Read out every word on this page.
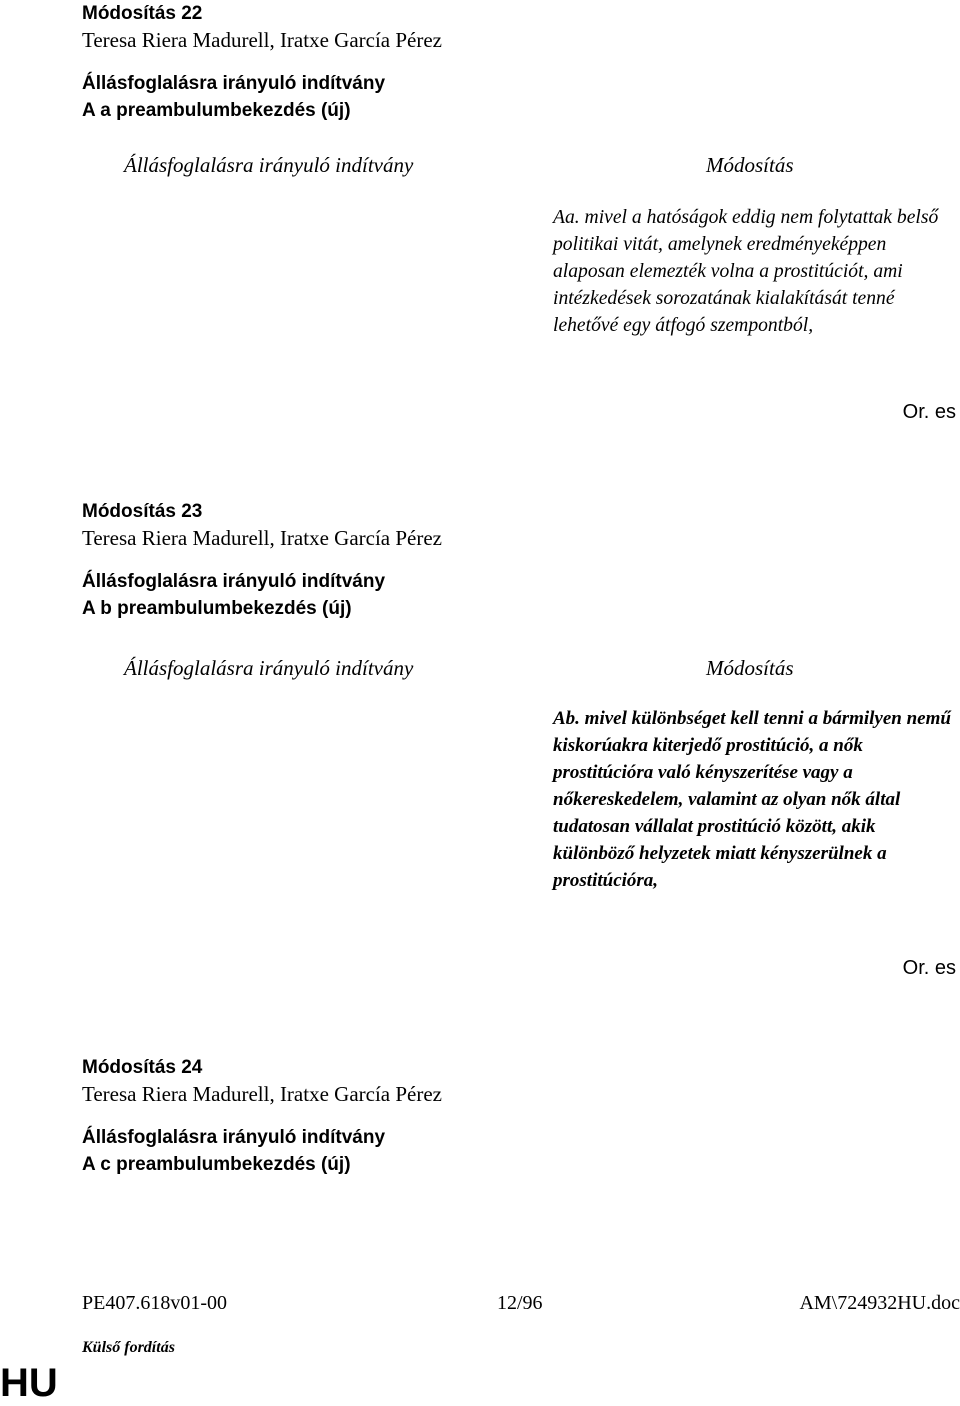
Módosítás 22
Teresa Riera Madurell, Iratxe García Pérez
Állásfoglalásra irányuló indítvány
A a preambulumbekezdés (új)
Állásfoglalásra irányuló indítvány	Módosítás
Aa. mivel a hatóságok eddig nem folytattak belső politikai vitát, amelynek eredményeképpen alaposan elemezték volna a prostitúciót, ami intézkedések sorozatának kialakítását tenné lehetővé egy átfogó szempontból,
Or. es
Módosítás 23
Teresa Riera Madurell, Iratxe García Pérez
Állásfoglalásra irányuló indítvány
A b preambulumbekezdés (új)
Állásfoglalásra irányuló indítvány	Módosítás
Ab. mivel különbséget kell tenni a bármilyen nemű kiskorúakra kiterjedő prostitúció, a nők prostitúcióra való kényszerítése vagy a nőkereskedelem, valamint az olyan nők által tudatosan vállalat prostitúció között, akik különböző helyzetek miatt kényszerülnek a prostitúcióra,
Or. es
Módosítás 24
Teresa Riera Madurell, Iratxe García Pérez
Állásfoglalásra irányuló indítvány
A c preambulumbekezdés (új)
PE407.618v01-00	12/96	AM\724932HU.doc
Külső fordítás
HU
